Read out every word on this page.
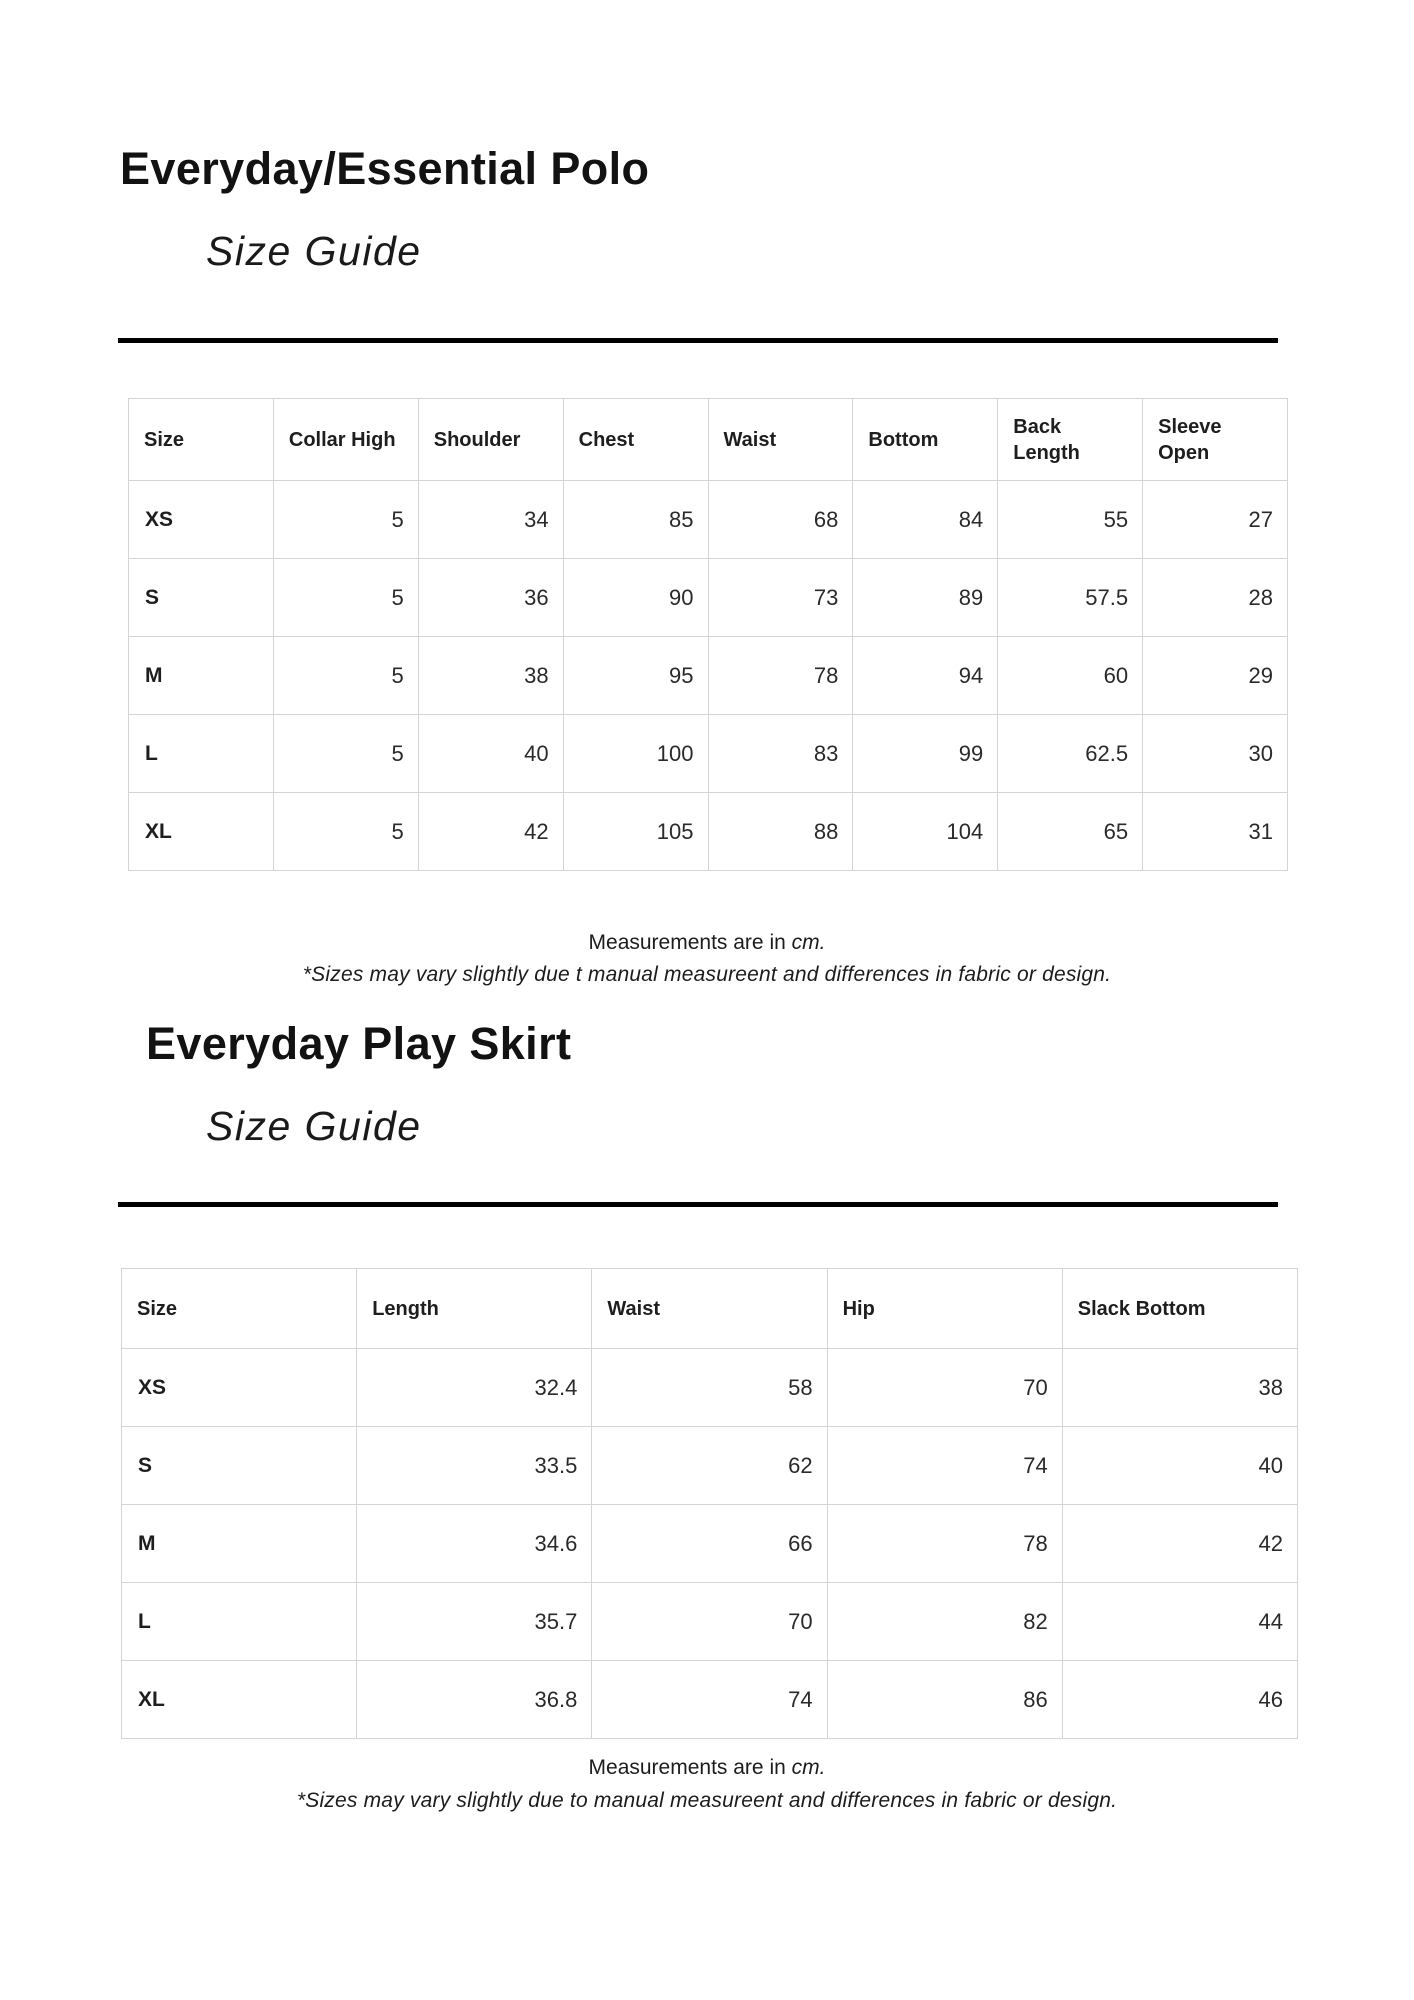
Everyday/Essential Polo
Size Guide
Size	Collar High	Shoulder	Chest	Waist	Bottom	Back Length	Sleeve Open
XS	5	34	85	68	84	55	27
S	5	36	90	73	89	57.5	28
M	5	38	95	78	94	60	29
L	5	40	100	83	99	62.5	30
XL	5	42	105	88	104	65	31
Measurements are in cm.
*Sizes may vary slightly due t manual measureent and differences in fabric or design.
Everyday Play Skirt
Size Guide
Size	Length	Waist	Hip	Slack Bottom
XS	32.4	58	70	38
S	33.5	62	74	40
M	34.6	66	78	42
L	35.7	70	82	44
XL	36.8	74	86	46
Measurements are in cm.
*Sizes may vary slightly due to manual measureent and differences in fabric or design.
